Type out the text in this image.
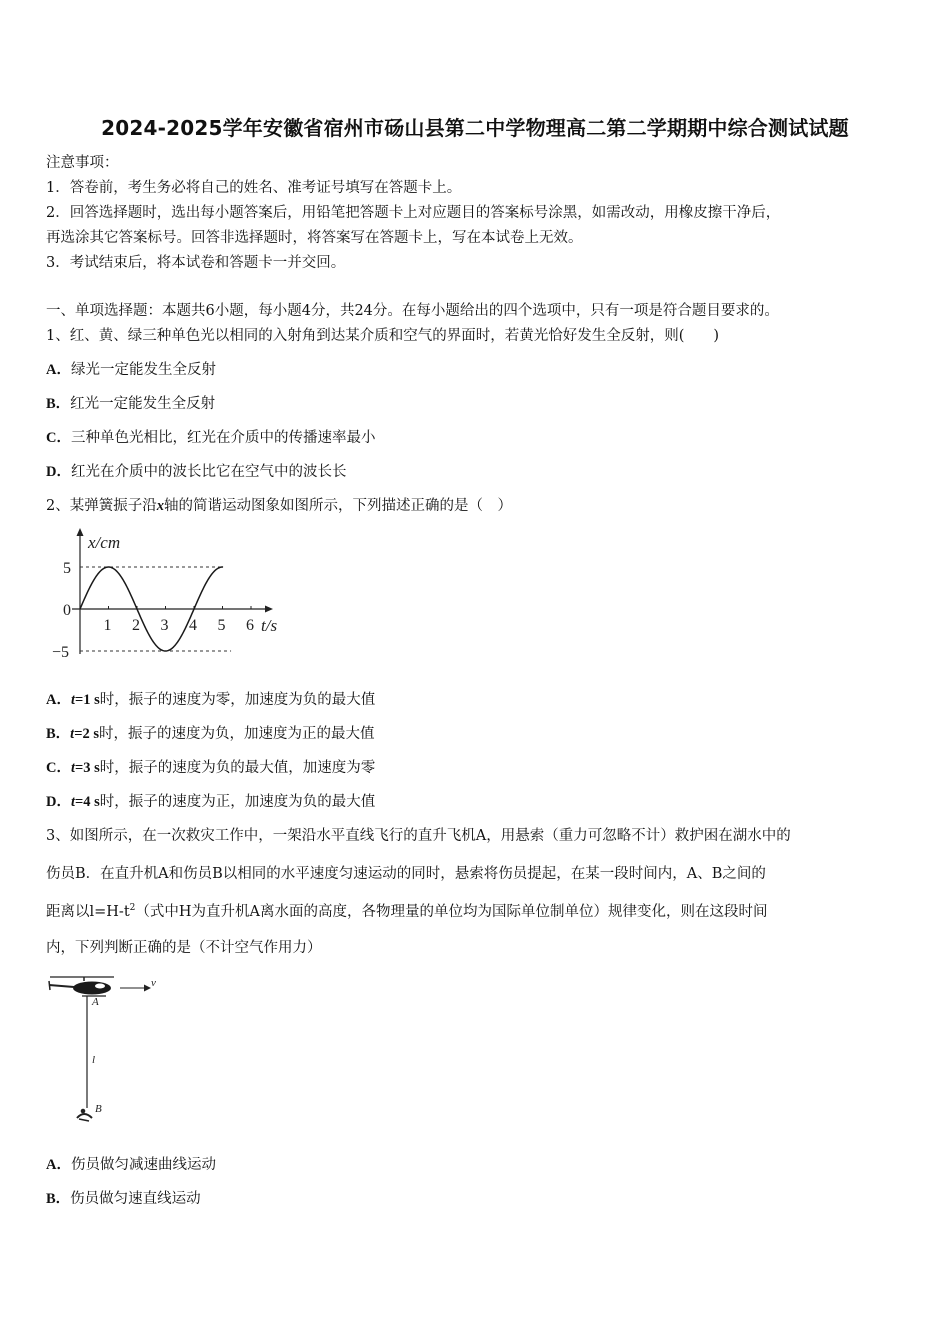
2024-2025学年安徽省宿州市砀山县第二中学物理高二第二学期期中综合测试试题
注意事项：
1．答卷前，考生务必将自己的姓名、准考证号填写在答题卡上。
2．回答选择题时，选出每小题答案后，用铅笔把答题卡上对应题目的答案标号涂黑，如需改动，用橡皮擦干净后，
再选涂其它答案标号。回答非选择题时，将答案写在答题卡上，写在本试卷上无效。
3．考试结束后，将本试卷和答题卡一并交回。
一、单项选择题：本题共6小题，每小题4分，共24分。在每小题给出的四个选项中，只有一项是符合题目要求的。
1、红、黄、绿三种单色光以相同的入射角到达某介质和空气的界面时，若黄光恰好发生全反射，则(　　)
A．绿光一定能发生全反射
B．红光一定能发生全反射
C．三种单色光相比，红光在介质中的传播速率最小
D．红光在介质中的波长比它在空气中的波长长
2、某弹簧振子沿x轴的简谐运动图象如图所示，下列描述正确的是（　）
x/cm
t/s
1 2 3 4 5 6
5
0
−5
A．t=1 s时，振子的速度为零，加速度为负的最大值
B．t=2 s时，振子的速度为负，加速度为正的最大值
C．t=3 s时，振子的速度为负的最大值，加速度为零
D．t=4 s时，振子的速度为正，加速度为负的最大值
3、如图所示，在一次救灾工作中，一架沿水平直线飞行的直升飞机A，用悬索（重力可忽略不计）救护困在湖水中的
伤员B．在直升机A和伤员B以相同的水平速度匀速运动的同时，悬索将伤员提起，在某一段时间内，A、B之间的
距离以$l=H-t^2$（式中H为直升机A离水面的高度，各物理量的单位均为国际单位制单位）规律变化，则在这段时间
内，下列判断正确的是（不计空气作用力）
v
A
l
B
A．伤员做匀减速曲线运动
B．伤员做匀速直线运动
